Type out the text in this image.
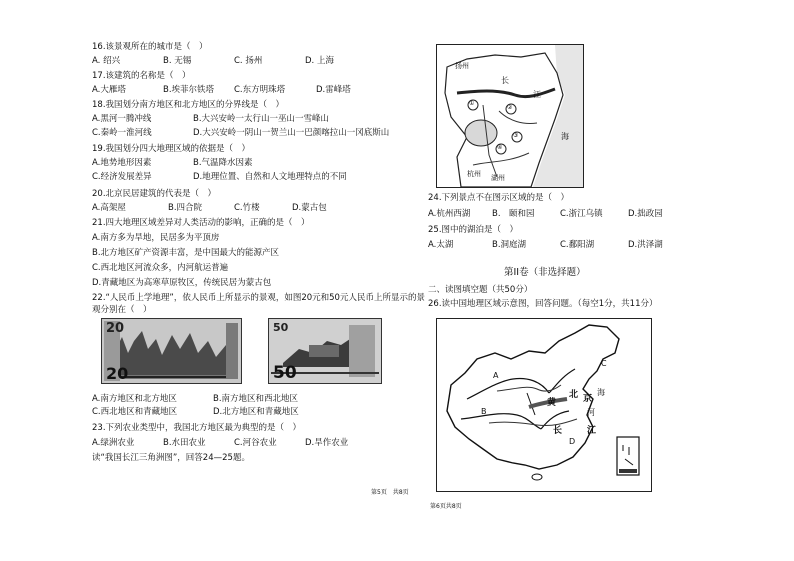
16.该景观所在的城市是（　）
A. 绍兴	B. 无锡	C. 扬州	D. 上海
17.该建筑的名称是（　）
A.大雁塔	B.埃菲尔铁塔 C.东方明珠塔	D.雷峰塔
18.我国划分南方地区和北方地区的分界线是（　）
A.黑河一腾冲线	B.大兴安岭一太行山一巫山一雪峰山
C.秦岭一淮河线	D.大兴安岭一阴山一贺兰山一巴颜喀拉山一冈底斯山
19.我国划分四大地理区域的依据是（　）
A.地势地形因素	B.气温降水因素
C.经济发展差异	D.地理位置、自然和人文地理特点的不同
20.北京民居建筑的代表是（　）
A.高架屋	B.四合院	C.竹楼	D.蒙古包
21.四大地理区域差异对人类活动的影响，正确的是（　）
A.南方多为旱地，民居多为平顶房
B.北方地区矿产资源丰富，是中国最大的能源产区
C.西北地区河流众多，内河航运普遍
D.青藏地区为高寒草原牧区，传统民居为蒙古包
22.“人民币上学地理”，依人民币上所显示的景观，如图20元和50元人民币上所显示的景
观分别在（　）
20
20
50
50
A.南方地区和北方地区	B.南方地区和西北地区
C.西北地区和青藏地区	D.北方地区和青藏地区
23.下列农业类型中，我国北方地区最为典型的是（　）
A.绿洲农业	B.水田农业	C.河谷农业	D.旱作农业
读“我国长江三角洲图”，回答24—25题。
第5页　共8页
扬州
长
江
海
杭州 湖州
①
②
③
④
24.下列景点不在图示区域的是（　）
A.杭州西湖	B.　颐和园	C.浙江乌镇	D.拙政园
25.图中的湖泊是（　）
A.太湖	B.洞庭湖	C.鄱阳湖	D.洪泽湖
第II卷（非选择题）
二、读图填空题（共50分）
26.读中国地理区域示意图，回答问题。（每空1分，共11分）
A
B
C
D
北 京
黄
河
长	江
海
第6页共8页
